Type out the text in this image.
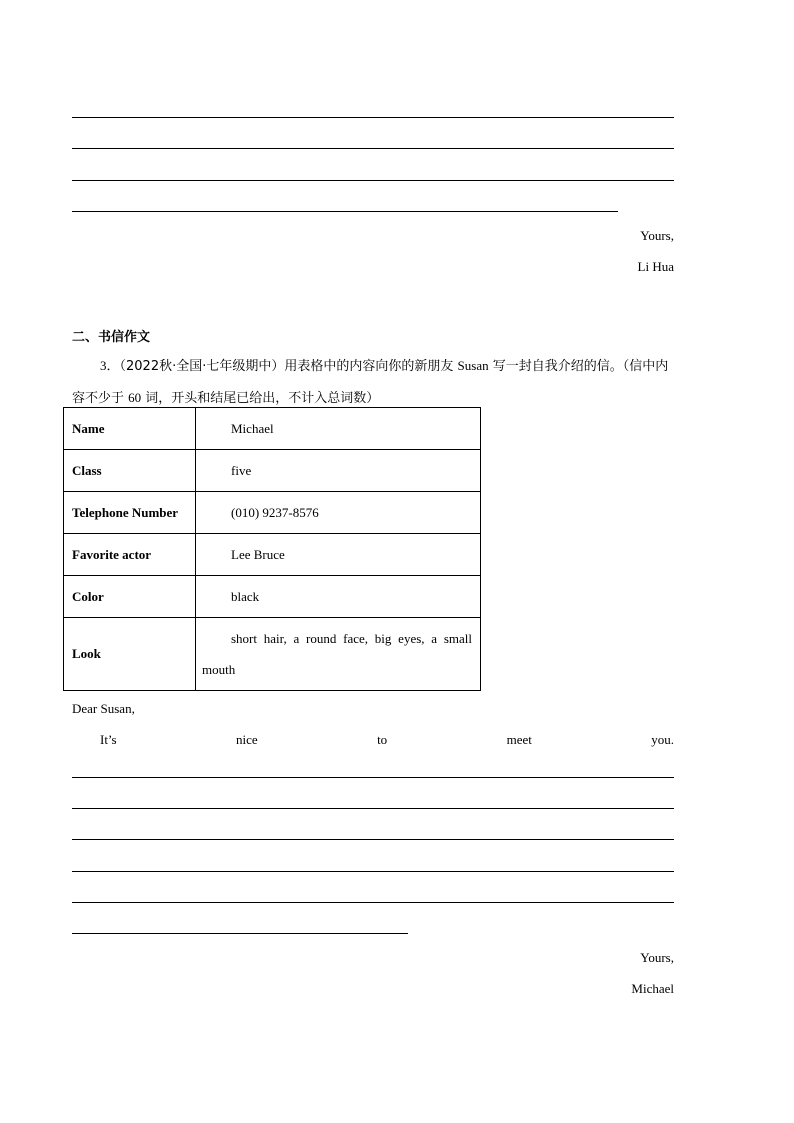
Yours,
Li Hua
二、书信作文
3．（2022秋·全国·七年级期中）用表格中的内容向你的新朋友 Susan 写一封自我介绍的信。（信中内容不少于 60 词，开头和结尾已给出，不计入总词数）
Name	Michael
Class	five
Telephone Number	(010) 9237-8576
Favorite actor	Lee Bruce
Color	black
Look	short hair, a round face, big eyes, a small mouth
Dear Susan,
It’s	nice	to	meet	you.
Yours,
Michael
